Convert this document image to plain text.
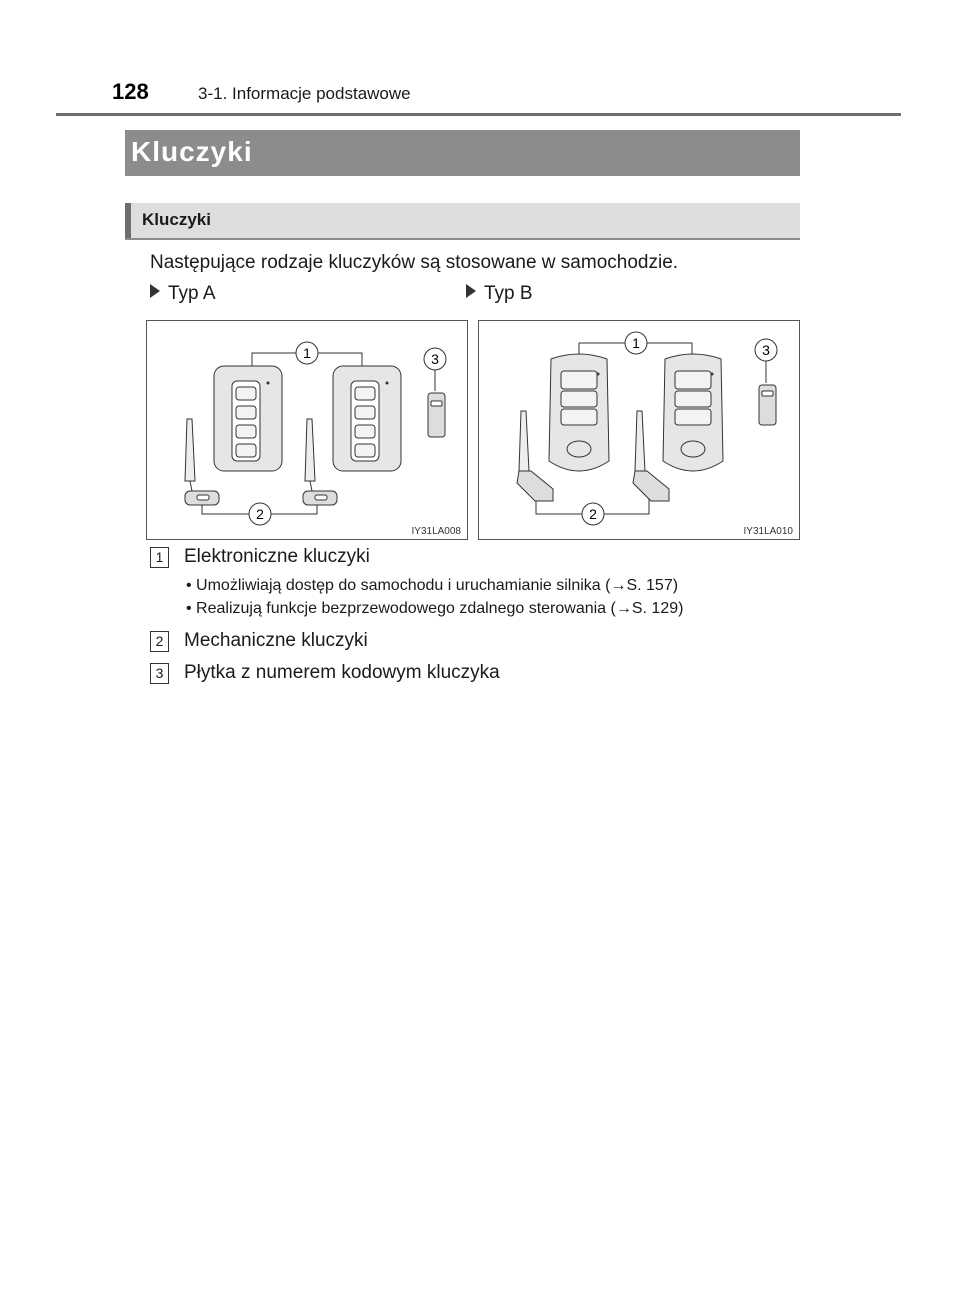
128	3-1. Informacje podstawowe
Kluczyki
Kluczyki
Następujące rodzaje kluczyków są stosowane w samochodzie.
Typ A	Typ B
1
2
3
IY31LA008
1
2
3
IY31LA010
1 Elektroniczne kluczyki
• Umożliwiają dostęp do samochodu i uruchamianie silnika (→S. 157)
• Realizują funkcje bezprzewodowego zdalnego sterowania (→S. 129)
2 Mechaniczne kluczyki
3 Płytka z numerem kodowym kluczyka
